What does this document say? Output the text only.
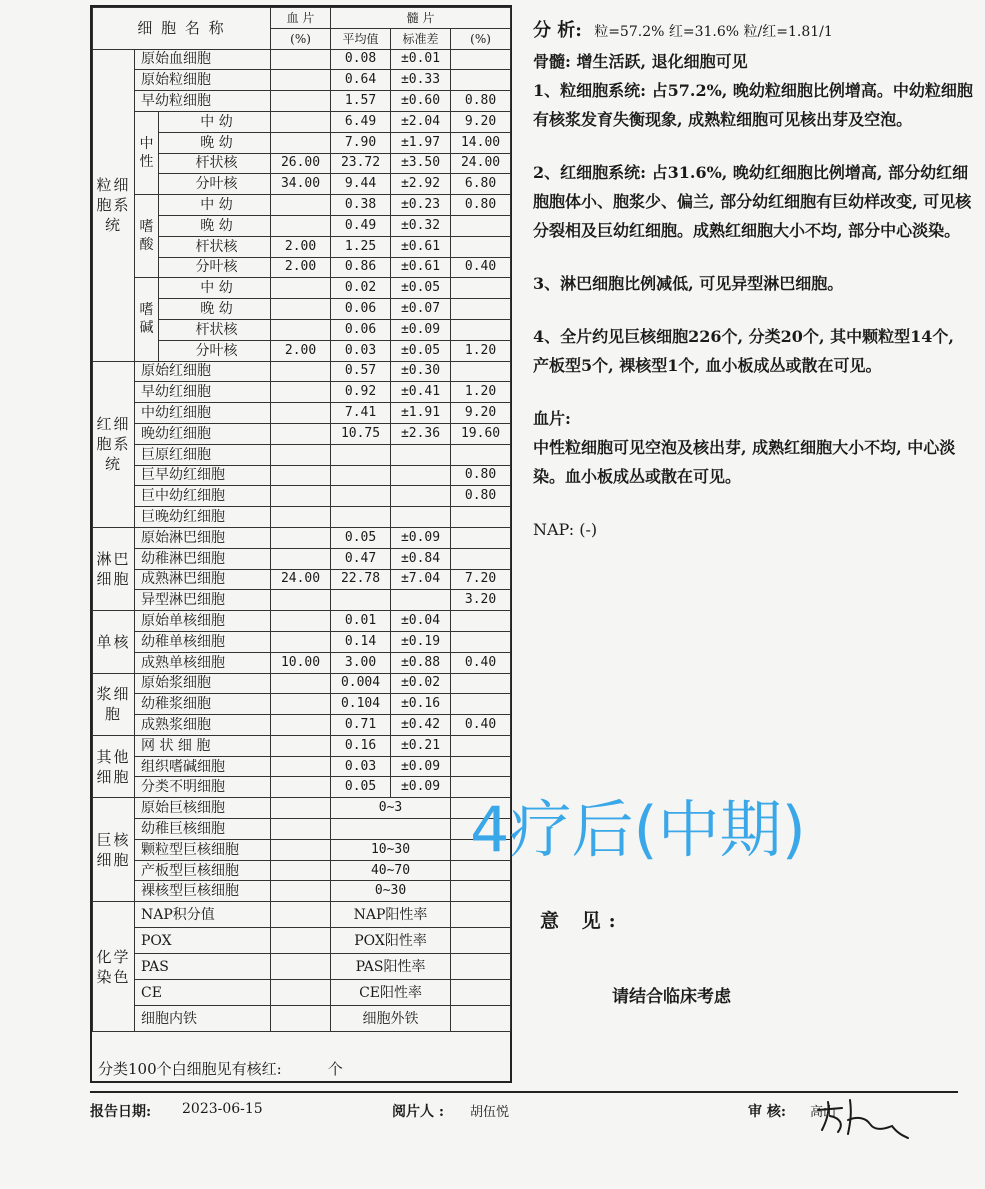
细 胞 名 称			血 片	髓 片		
			(%)	平均值	标准差	(%)
粒细胞系统	原始血细胞			0.08	±0.01	
	原始粒细胞			0.64	±0.33	
	早幼粒细胞			1.57	±0.60	0.80
	中性	中 幼		6.49	±2.04	9.20
		晚 幼		7.90	±1.97	14.00
		杆状核	26.00	23.72	±3.50	24.00
		分叶核	34.00	9.44	±2.92	6.80
	嗜酸	中 幼		0.38	±0.23	0.80
		晚 幼		0.49	±0.32	
		杆状核	2.00	1.25	±0.61	
		分叶核	2.00	0.86	±0.61	0.40
	嗜碱	中 幼		0.02	±0.05	
		晚 幼		0.06	±0.07	
		杆状核		0.06	±0.09	
		分叶核	2.00	0.03	±0.05	1.20
红细胞系统	原始红细胞			0.57	±0.30	
	早幼红细胞			0.92	±0.41	1.20
	中幼红细胞			7.41	±1.91	9.20
	晚幼红细胞			10.75	±2.36	19.60
	巨原红细胞					
	巨早幼红细胞					0.80
	巨中幼红细胞					0.80
	巨晚幼红细胞					
淋巴细胞	原始淋巴细胞			0.05	±0.09	
	幼稚淋巴细胞			0.47	±0.84	
	成熟淋巴细胞		24.00	22.78	±7.04	7.20
	异型淋巴细胞					3.20
单核	原始单核细胞			0.01	±0.04	
	幼稚单核细胞			0.14	±0.19	
	成熟单核细胞		10.00	3.00	±0.88	0.40
浆细胞	原始浆细胞			0.004	±0.02	
	幼稚浆细胞			0.104	±0.16	
	成熟浆细胞			0.71	±0.42	0.40
其他细胞	网 状 细 胞			0.16	±0.21	
	组织嗜碱细胞			0.03	±0.09	
	分类不明细胞			0.05	±0.09	
巨核细胞	原始巨核细胞			0~3		
	幼稚巨核细胞					
	颗粒型巨核细胞			10~30		
	产板型巨核细胞			40~70		
	裸核型巨核细胞			0~30		
化学染色	NAP积分值			NAP阳性率		
	POX			POX阳性率		
	PAS			PAS阳性率		
	CE			CE阳性率		
	细胞内铁			细胞外铁		
分类100个白细胞见有核红:	个
分 析: 粒=57.2% 红=31.6% 粒/红=1.81/1

骨髓: 增生活跃, 退化细胞可见

1、粒细胞系统: 占57.2%, 晚幼粒细胞比例增高。中幼粒细胞有核浆发育失衡现象, 成熟粒细胞可见核出芽及空泡。

2、红细胞系统: 占31.6%, 晚幼红细胞比例增高, 部分幼红细胞胞体小、胞浆少、偏兰, 部分幼红细胞有巨幼样改变, 可见核分裂相及巨幼红细胞。成熟红细胞大小不均, 部分中心淡染。

3、淋巴细胞比例减低, 可见异型淋巴细胞。

4、全片约见巨核细胞226个, 分类20个, 其中颗粒型14个, 产板型5个, 裸核型1个, 血小板成丛或散在可见。

血片:

中性粒细胞可见空泡及核出芽, 成熟红细胞大小不均, 中心淡染。血小板成丛或散在可见。

NAP: (-)

4疗后(中期)
意 见:
请结合临床考虑
报告日期: 2023-06-15	阅片人 : 胡伍悦	审 核: 高山
